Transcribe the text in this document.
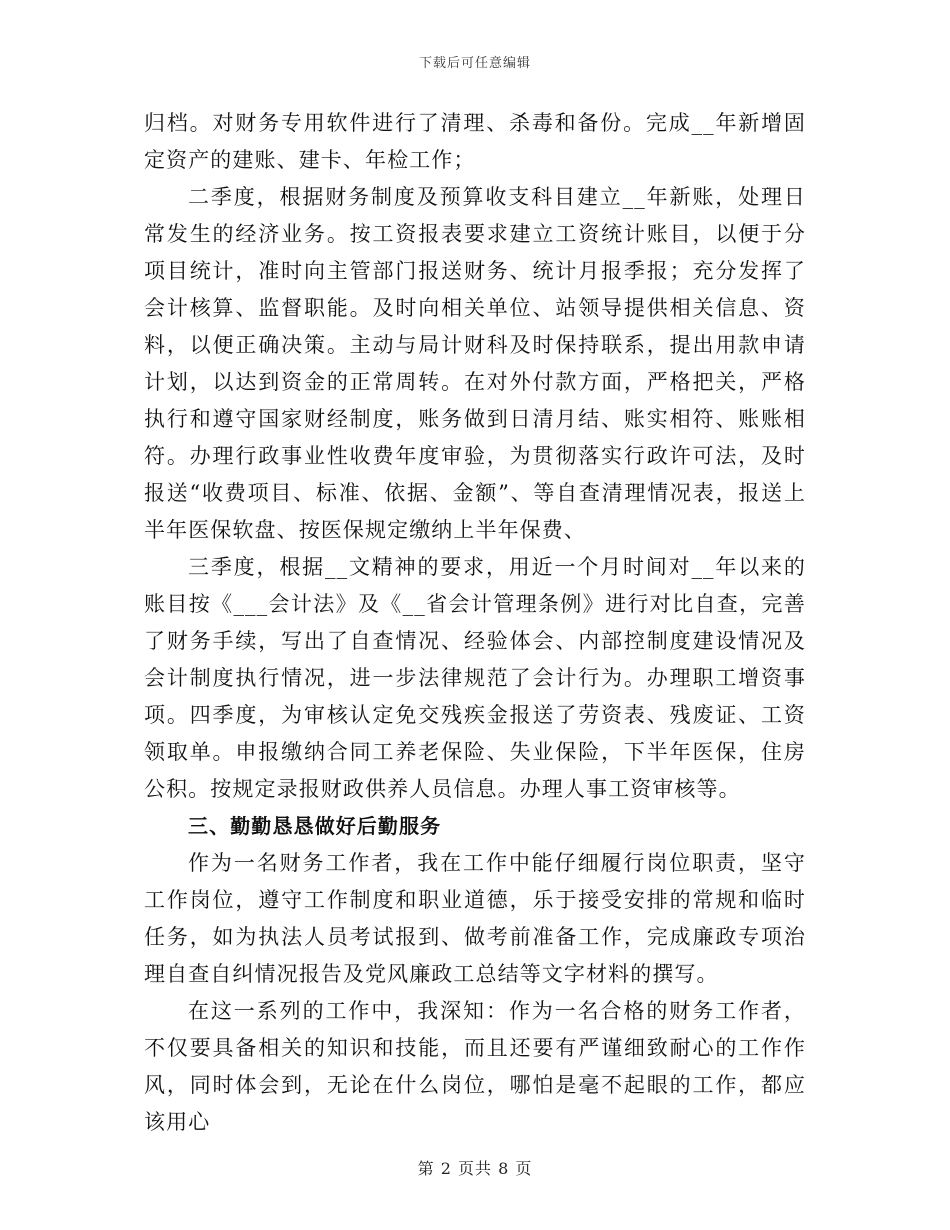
下载后可任意编辑

归档。对财务专用软件进行了清理、杀毒和备份。完成__年新增固定资产的建账、建卡、年检工作；

二季度，根据财务制度及预算收支科目建立__年新账，处理日常发生的经济业务。按工资报表要求建立工资统计账目，以便于分项目统计，准时向主管部门报送财务、统计月报季报；充分发挥了会计核算、监督职能。及时向相关单位、站领导提供相关信息、资料，以便正确决策。主动与局计财科及时保持联系，提出用款申请计划，以达到资金的正常周转。在对外付款方面，严格把关，严格执行和遵守国家财经制度，账务做到日清月结、账实相符、账账相符。办理行政事业性收费年度审验，为贯彻落实行政许可法，及时报送“收费项目、标准、依据、金额”、等自查清理情况表，报送上半年医保软盘、按医保规定缴纳上半年保费、

三季度，根据__文精神的要求，用近一个月时间对__年以来的账目按《___会计法》及《__省会计管理条例》进行对比自查，完善了财务手续，写出了自查情况、经验体会、内部控制度建设情况及会计制度执行情况，进一步法律规范了会计行为。办理职工增资事项。四季度，为审核认定免交残疾金报送了劳资表、残废证、工资领取单。申报缴纳合同工养老保险、失业保险，下半年医保，住房公积。按规定录报财政供养人员信息。办理人事工资审核等。

三、勤勤恳恳做好后勤服务

作为一名财务工作者，我在工作中能仔细履行岗位职责，坚守工作岗位，遵守工作制度和职业道德，乐于接受安排的常规和临时任务，如为执法人员考试报到、做考前准备工作，完成廉政专项治理自查自纠情况报告及党风廉政工总结等文字材料的撰写。

在这一系列的工作中，我深知：作为一名合格的财务工作者，不仅要具备相关的知识和技能，而且还要有严谨细致耐心的工作作风，同时体会到，无论在什么岗位，哪怕是毫不起眼的工作，都应该用心

第 2 页共 8 页
